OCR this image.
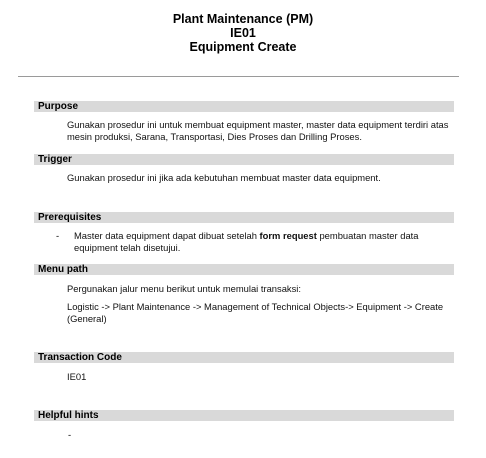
Plant Maintenance (PM)
IE01
Equipment Create
Purpose
Gunakan prosedur ini untuk membuat equipment master, master data equipment terdiri atas mesin produksi, Sarana, Transportasi, Dies Proses dan Drilling Proses.
Trigger
Gunakan prosedur ini jika ada kebutuhan membuat master data equipment.
Prerequisites
- Master data equipment dapat dibuat setelah form request pembuatan master data equipment telah disetujui.
Menu path
Pergunakan jalur menu berikut untuk memulai transaksi:
Logistic -> Plant Maintenance -> Management of Technical Objects-> Equipment -> Create (General)
Transaction Code
IE01
Helpful hints
-
